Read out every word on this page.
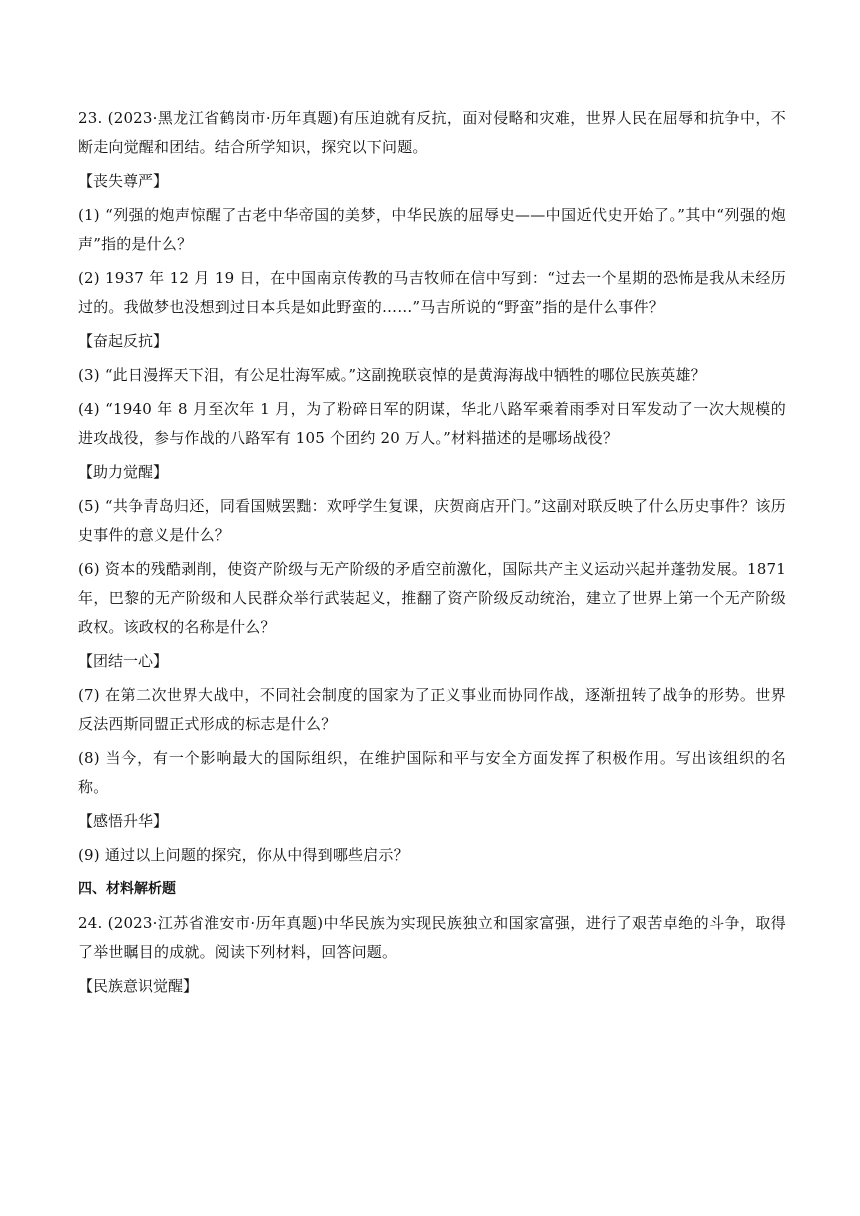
23. (2023·黑龙江省鹤岗市·历年真题)有压迫就有反抗，面对侵略和灾难，世界人民在屈辱和抗争中，不断走向觉醒和团结。结合所学知识，探究以下问题。

【丧失尊严】

(1) “列强的炮声惊醒了古老中华帝国的美梦，中华民族的屈辱史——中国近代史开始了。”其中“列强的炮声”指的是什么？

(2) 1937 年 12 月 19 日，在中国南京传教的马吉牧师在信中写到：“过去一个星期的恐怖是我从未经历过的。我做梦也没想到过日本兵是如此野蛮的……”马吉所说的“野蛮”指的是什么事件？

【奋起反抗】

(3) “此日漫挥天下泪，有公足壮海军威。”这副挽联哀悼的是黄海海战中牺牲的哪位民族英雄？

(4) “1940 年 8 月至次年 1 月，为了粉碎日军的阴谋，华北八路军乘着雨季对日军发动了一次大规模的进攻战役，参与作战的八路军有 105 个团约 20 万人。”材料描述的是哪场战役？

【助力觉醒】

(5) “共争青岛归还，同看国贼罢黜：欢呼学生复课，庆贺商店开门。”这副对联反映了什么历史事件？该历史事件的意义是什么？

(6) 资本的残酷剥削，使资产阶级与无产阶级的矛盾空前激化，国际共产主义运动兴起并蓬勃发展。1871 年，巴黎的无产阶级和人民群众举行武装起义，推翻了资产阶级反动统治，建立了世界上第一个无产阶级政权。该政权的名称是什么？

【团结一心】

(7) 在第二次世界大战中，不同社会制度的国家为了正义事业而协同作战，逐渐扭转了战争的形势。世界反法西斯同盟正式形成的标志是什么？

(8) 当今，有一个影响最大的国际组织，在维护国际和平与安全方面发挥了积极作用。写出该组织的名称。

【感悟升华】

(9) 通过以上问题的探究，你从中得到哪些启示？

四、材料解析题

24. (2023·江苏省淮安市·历年真题)中华民族为实现民族独立和国家富强，进行了艰苦卓绝的斗争，取得了举世瞩目的成就。阅读下列材料，回答问题。

【民族意识觉醒】
